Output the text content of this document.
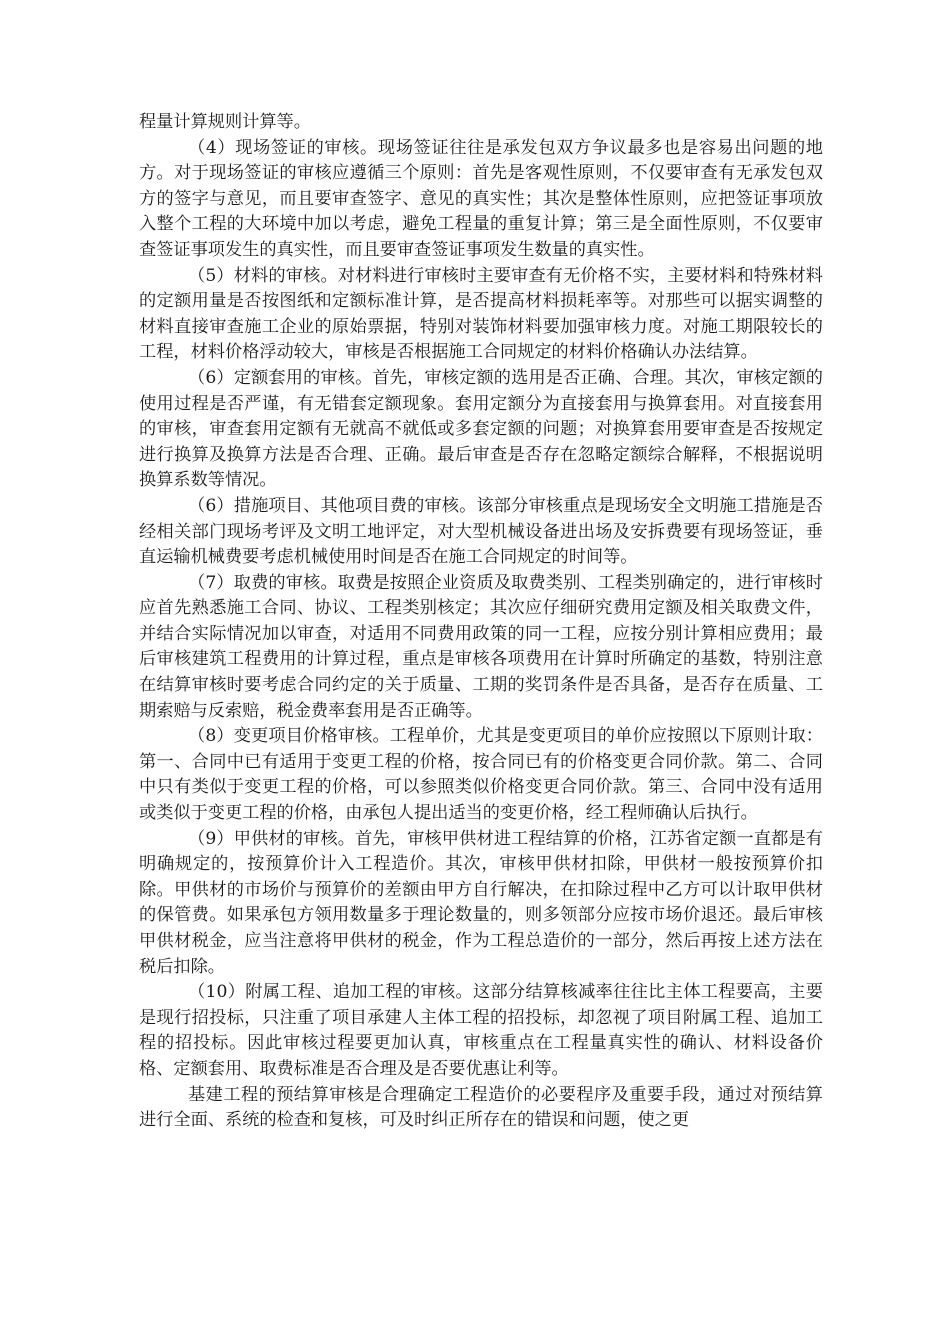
程量计算规则计算等。

（4）现场签证的审核。现场签证往往是承发包双方争议最多也是容易出问题的地方。对于现场签证的审核应遵循三个原则：首先是客观性原则，不仅要审查有无承发包双方的签字与意见，而且要审查签字、意见的真实性；其次是整体性原则，应把签证事项放入整个工程的大环境中加以考虑，避免工程量的重复计算；第三是全面性原则，不仅要审查签证事项发生的真实性，而且要审查签证事项发生数量的真实性。

（5）材料的审核。对材料进行审核时主要审查有无价格不实，主要材料和特殊材料的定额用量是否按图纸和定额标准计算，是否提高材料损耗率等。对那些可以据实调整的材料直接审查施工企业的原始票据，特别对装饰材料要加强审核力度。对施工期限较长的工程，材料价格浮动较大，审核是否根据施工合同规定的材料价格确认办法结算。

（6）定额套用的审核。首先，审核定额的选用是否正确、合理。其次，审核定额的使用过程是否严谨，有无错套定额现象。套用定额分为直接套用与换算套用。对直接套用的审核，审查套用定额有无就高不就低或多套定额的问题；对换算套用要审查是否按规定进行换算及换算方法是否合理、正确。最后审查是否存在忽略定额综合解释，不根据说明换算系数等情况。

（6）措施项目、其他项目费的审核。该部分审核重点是现场安全文明施工措施是否经相关部门现场考评及文明工地评定，对大型机械设备进出场及安拆费要有现场签证，垂直运输机械费要考虑机械使用时间是否在施工合同规定的时间等。

（7）取费的审核。取费是按照企业资质及取费类别、工程类别确定的，进行审核时应首先熟悉施工合同、协议、工程类别核定；其次应仔细研究费用定额及相关取费文件，并结合实际情况加以审查，对适用不同费用政策的同一工程，应按分别计算相应费用；最后审核建筑工程费用的计算过程，重点是审核各项费用在计算时所确定的基数，特别注意在结算审核时要考虑合同约定的关于质量、工期的奖罚条件是否具备，是否存在质量、工期索赔与反索赔，税金费率套用是否正确等。

（8）变更项目价格审核。工程单价，尤其是变更项目的单价应按照以下原则计取：第一、合同中已有适用于变更工程的价格，按合同已有的价格变更合同价款。第二、合同中只有类似于变更工程的价格，可以参照类似价格变更合同价款。第三、合同中没有适用或类似于变更工程的价格，由承包人提出适当的变更价格，经工程师确认后执行。

（9）甲供材的审核。首先，审核甲供材进工程结算的价格，江苏省定额一直都是有明确规定的，按预算价计入工程造价。其次，审核甲供材扣除，甲供材一般按预算价扣除。甲供材的市场价与预算价的差额由甲方自行解决，在扣除过程中乙方可以计取甲供材的保管费。如果承包方领用数量多于理论数量的，则多领部分应按市场价退还。最后审核甲供材税金，应当注意将甲供材的税金，作为工程总造价的一部分，然后再按上述方法在税后扣除。

（10）附属工程、追加工程的审核。这部分结算核减率往往比主体工程要高，主要是现行招投标，只注重了项目承建人主体工程的招投标，却忽视了项目附属工程、追加工程的招投标。因此审核过程要更加认真，审核重点在工程量真实性的确认、材料设备价格、定额套用、取费标准是否合理及是否要优惠让利等。

基建工程的预结算审核是合理确定工程造价的必要程序及重要手段，通过对预结算进行全面、系统的检查和复核，可及时纠正所存在的错误和问题，使之更
